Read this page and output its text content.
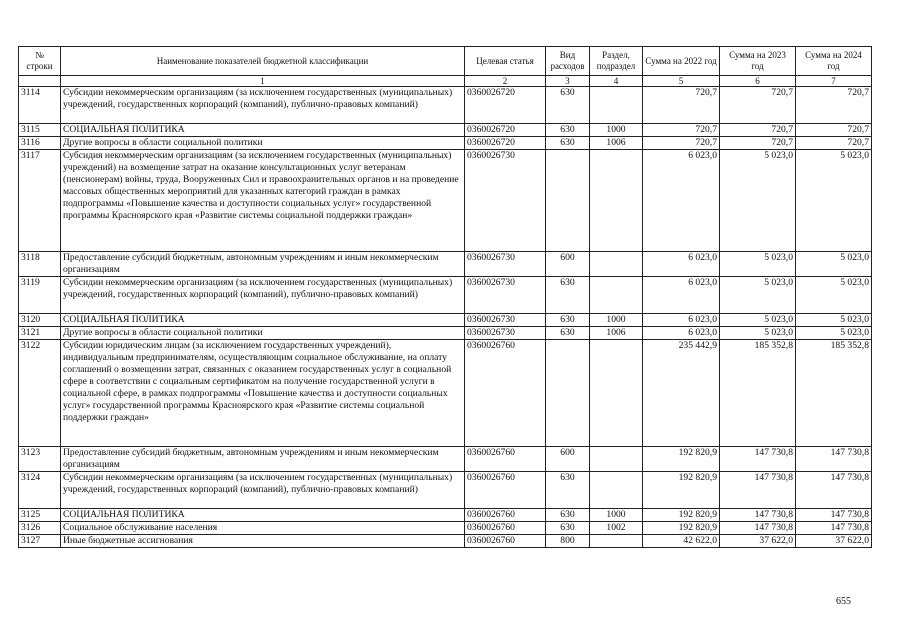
№ строки	Наименование показателей бюджетной классификации	Целевая статья	Вид расходов	Раздел, подраздел	Сумма на 2022 год	Сумма на 2023 год	Сумма на 2024 год
	1	2	3	4	5	6	7
3114	Субсидии некоммерческим организациям (за исключением государственных (муниципальных) учреждений, государственных корпораций (компаний), публично-правовых компаний)	0360026720	630		720,7	720,7	720,7
3115	СОЦИАЛЬНАЯ ПОЛИТИКА	0360026720	630	1000	720,7	720,7	720,7
3116	Другие вопросы в области социальной политики	0360026720	630	1006	720,7	720,7	720,7
3117	Субсидия некоммерческим организациям (за исключением государственных (муниципальных) учреждений) на возмещение затрат на оказание консультационных услуг ветеранам (пенсионерам) войны, труда, Вооруженных Сил и правоохранительных органов и на проведение массовых общественных мероприятий для указанных категорий граждан в рамках подпрограммы «Повышение качества и доступности социальных услуг» государственной программы Красноярского края «Развитие системы социальной поддержки граждан»	0360026730			6 023,0	5 023,0	5 023,0
3118	Предоставление субсидий бюджетным, автономным учреждениям и иным некоммерческим организациям	0360026730	600		6 023,0	5 023,0	5 023,0
3119	Субсидии некоммерческим организациям (за исключением государственных (муниципальных) учреждений, государственных корпораций (компаний), публично-правовых компаний)	0360026730	630		6 023,0	5 023,0	5 023,0
3120	СОЦИАЛЬНАЯ ПОЛИТИКА	0360026730	630	1000	6 023,0	5 023,0	5 023,0
3121	Другие вопросы в области социальной политики	0360026730	630	1006	6 023,0	5 023,0	5 023,0
3122	Субсидии юридическим лицам (за исключением государственных учреждений), индивидуальным предпринимателям, осуществляющим социальное обслуживание, на оплату соглашений о возмещении затрат, связанных с оказанием государственных услуг в социальной сфере в соответствии с социальным сертификатом на получение государственной услуги в социальной сфере, в рамках подпрограммы «Повышение качества и доступности социальных услуг» государственной программы Красноярского края «Развитие системы социальной поддержки граждан»	0360026760			235 442,9	185 352,8	185 352,8
3123	Предоставление субсидий бюджетным, автономным учреждениям и иным некоммерческим организациям	0360026760	600		192 820,9	147 730,8	147 730,8
3124	Субсидии некоммерческим организациям (за исключением государственных (муниципальных) учреждений, государственных корпораций (компаний), публично-правовых компаний)	0360026760	630		192 820,9	147 730,8	147 730,8
3125	СОЦИАЛЬНАЯ ПОЛИТИКА	0360026760	630	1000	192 820,9	147 730,8	147 730,8
3126	Социальное обслуживание населения	0360026760	630	1002	192 820,9	147 730,8	147 730,8
3127	Иные бюджетные ассигнования	0360026760	800		42 622,0	37 622,0	37 622,0
655
